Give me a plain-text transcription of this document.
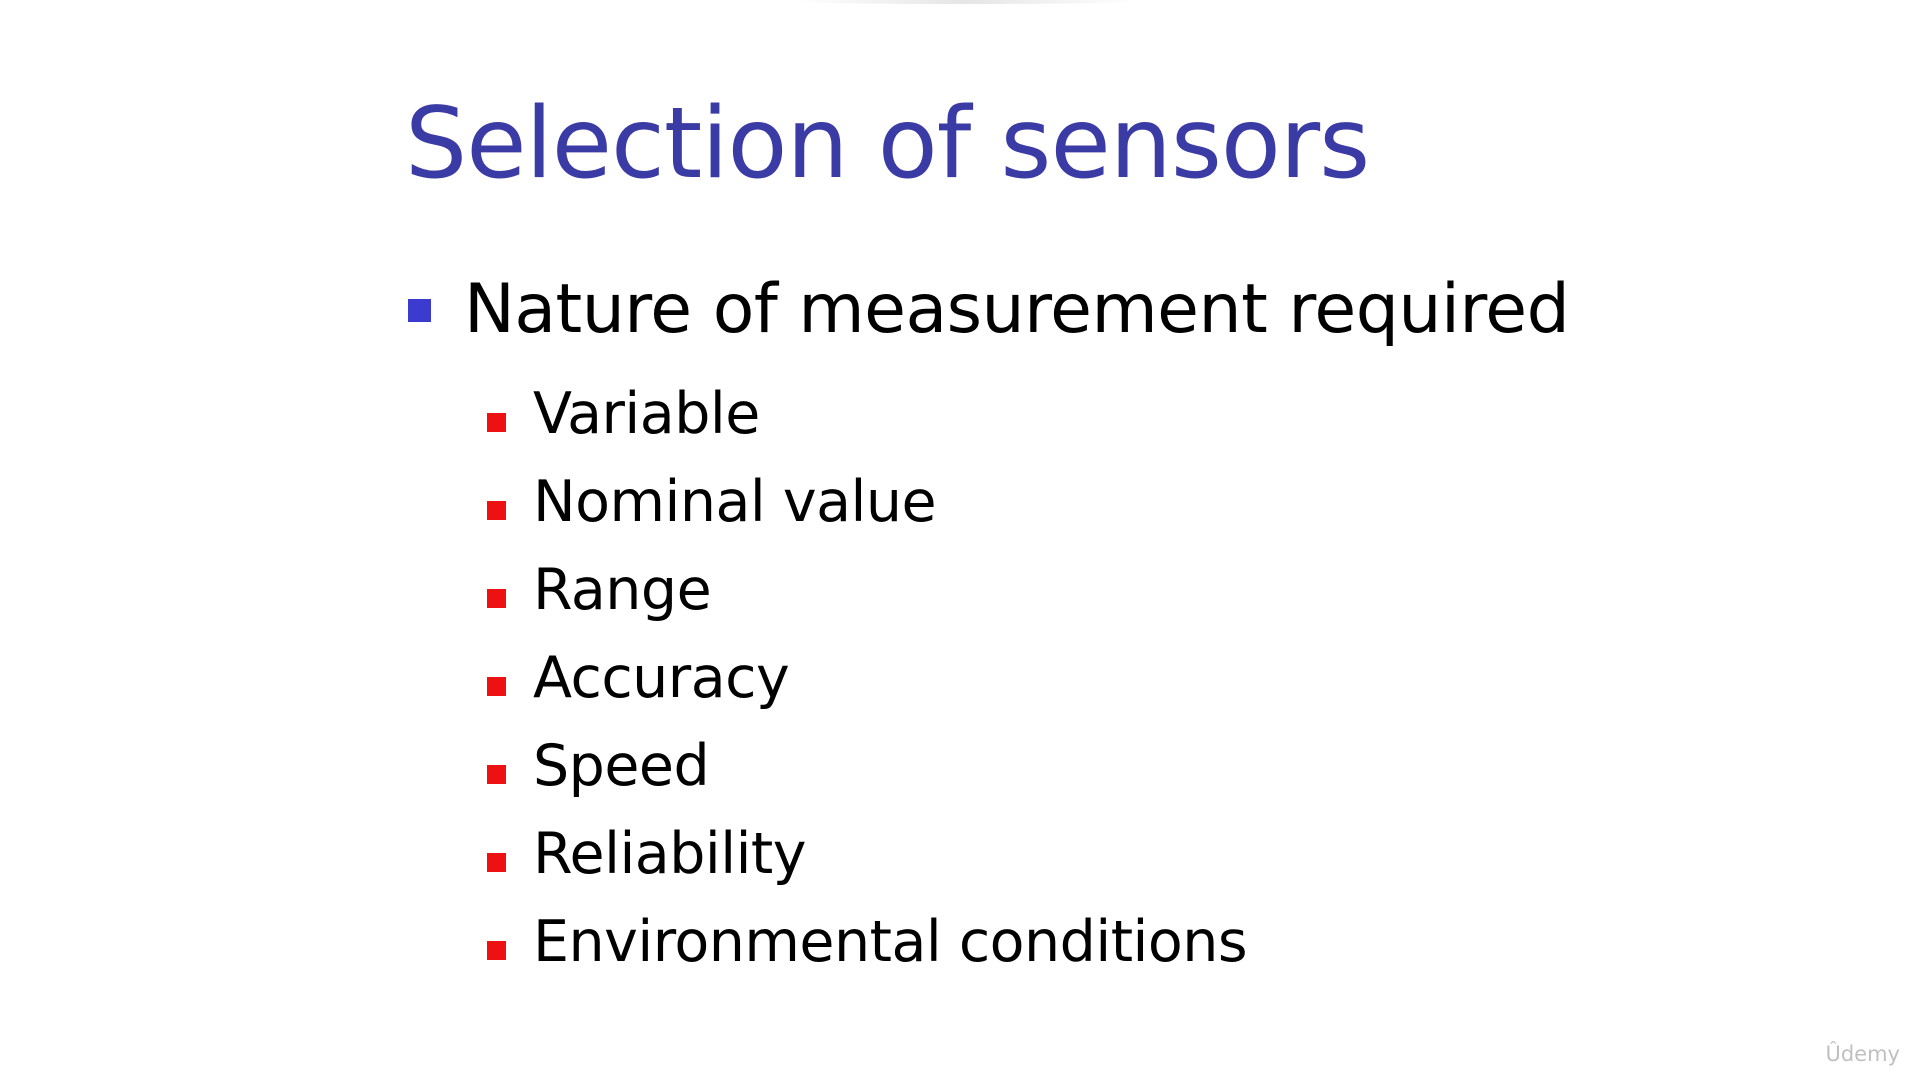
Selection of sensors
Nature of measurement required
Variable
Nominal value
Range
Accuracy
Speed
Reliability
Environmental conditions
Ûdemy
